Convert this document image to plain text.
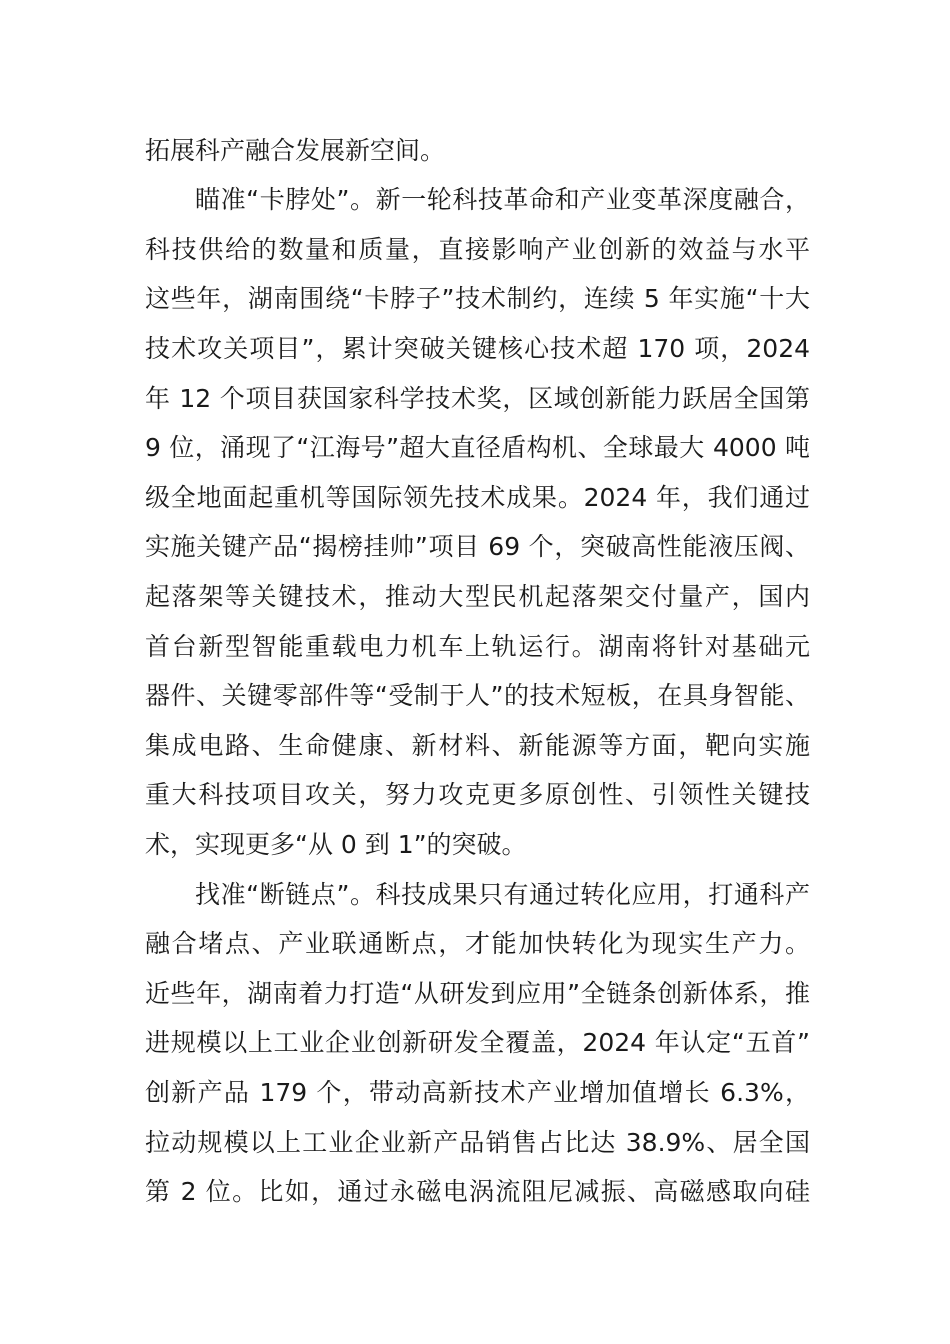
拓展科产融合发展新空间。
瞄准“卡脖处”。新一轮科技革命和产业变革深度融合，
科技供给的数量和质量，直接影响产业创新的效益与水平
这些年，湖南围绕“卡脖子”技术制约，连续 5 年实施“十大
技术攻关项目”，累计突破关键核心技术超 170 项，2024
年 12 个项目获国家科学技术奖，区域创新能力跃居全国第
9 位，涌现了“江海号”超大直径盾构机、全球最大 4000 吨
级全地面起重机等国际领先技术成果。2024 年，我们通过
实施关键产品“揭榜挂帅”项目 69 个，突破高性能液压阀、
起落架等关键技术，推动大型民机起落架交付量产，国内
首台新型智能重载电力机车上轨运行。湖南将针对基础元
器件、关键零部件等“受制于人”的技术短板，在具身智能、
集成电路、生命健康、新材料、新能源等方面，靶向实施
重大科技项目攻关，努力攻克更多原创性、引领性关键技
术，实现更多“从 0 到 1”的突破。
找准“断链点”。科技成果只有通过转化应用，打通科产
融合堵点、产业联通断点，才能加快转化为现实生产力。
近些年，湖南着力打造“从研发到应用”全链条创新体系，推
进规模以上工业企业创新研发全覆盖，2024 年认定“五首”
创新产品 179 个，带动高新技术产业增加值增长 6.3%，
拉动规模以上工业企业新产品销售占比达 38.9%、居全国
第 2 位。比如，通过永磁电涡流阻尼减振、高磁感取向硅
